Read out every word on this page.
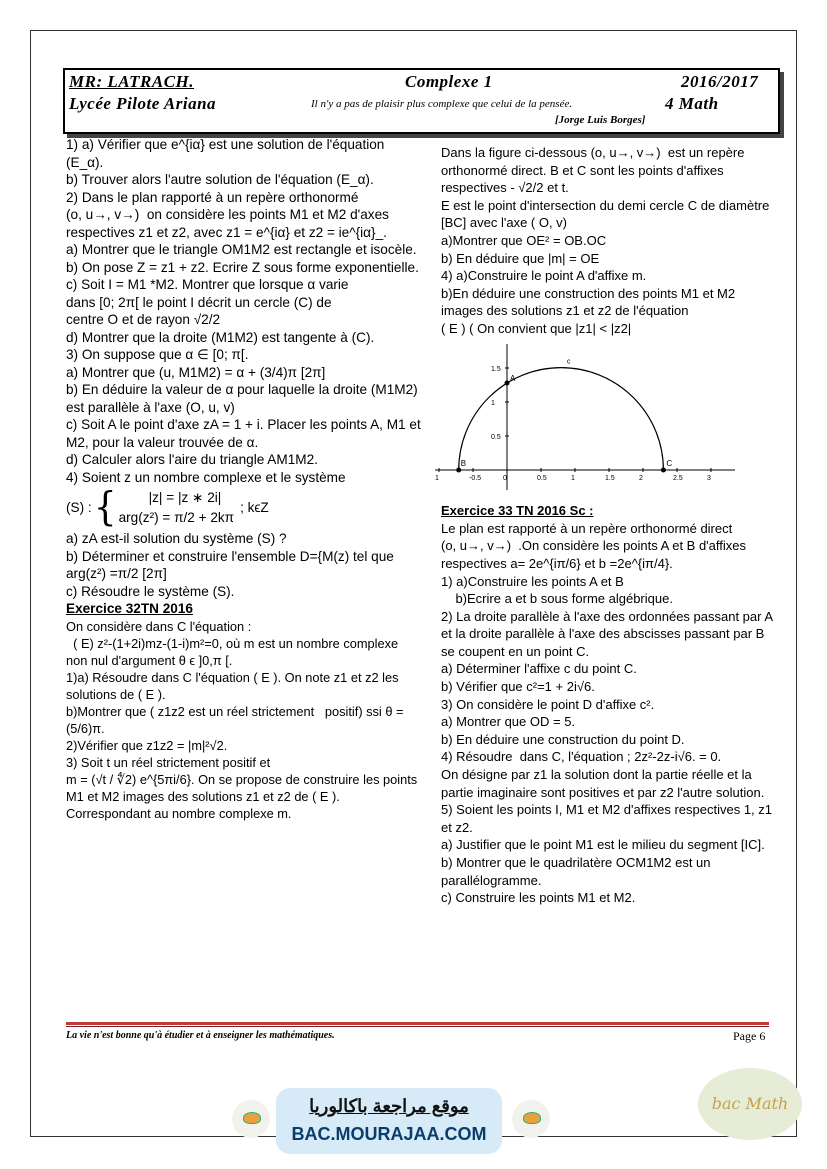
MR: LATRACH.
Lycée Pilote Ariana
Complexe 1
Il n'y a pas de plaisir plus complexe que celui de la pensée.
[Jorge Luis Borges]
2016/2017
4 Math

1) a) Vérifier que e^{iα} est une solution de l'équation

(E_α).

b) Trouver alors l'autre solution de l'équation (E_α).

2) Dans le plan rapporté à un repère orthonormé

(o, u→, v→)  on considère les points M1 et M2 d'axes

respectives z1 et z2, avec z1 = e^{iα} et z2 = ie^{iα}_.

a) Montrer que le triangle OM1M2 est rectangle et isocèle.

b) On pose Z = z1 + z2. Ecrire Z sous forme exponentielle.

c) Soit I = M1 *M2. Montrer que lorsque α varie

dans [0; 2π[ le point I décrit un cercle (C) de

centre O et de rayon √2/2

d) Montrer que la droite (M1M2) est tangente à (C).

3) On suppose que α ∈ [0; π[.

a) Montrer que (u, M1M2) = α + (3/4)π [2π]

b) En déduire la valeur de α pour laquelle la droite (M1M2) est parallèle à l'axe (O, u, v)

c) Soit A le point d'axe zA = 1 + i. Placer les points A, M1 et M2, pour la valeur trouvée de α.

d) Calculer alors l'aire du triangle AM1M2.

4) Soient z un nombre complexe et le système

(S) : {	|z| = |z ∗ 2i|
arg(z²) = π/2 + 2kπ
; kϵZ

a) zA est-il solution du système (S) ?

b) Déterminer et construire l'ensemble D={M(z) tel que arg(z²) =π/2 [2π]

c) Résoudre le système (S).

Exercice 32TN 2016

On considère dans C l'équation :

( E) z²-(1+2i)mz-(1-i)m²=0, où m est un nombre complexe non nul d'argument θ ϵ ]0,π [.

1)a) Résoudre dans C l'équation ( E ). On note z1 et z2 les solutions de ( E ).

b)Montrer que ( z1z2 est un réel strictement   positif) ssi θ = (5/6)π.

2)Vérifier que z1z2 = |m|²√2.

3) Soit t un réel strictement positif et

m = (√t / ∜2) e^{5πi/6}. On se propose de construire les points M1 et M2 images des solutions z1 et z2 de ( E ).

Correspondant au nombre complexe m.

Dans la figure ci-dessous (o, u→, v→)  est un repère orthonormé direct. B et C sont les points d'affixes

respectives - √2/2 et t.

E est le point d'intersection du demi cercle C de diamètre [BC] avec l'axe ( O, v)

a)Montrer que OE² = OB.OC

b) En déduire que |m| = OE

4) a)Construire le point A d'affixe m.

b)En déduire une construction des points M1 et M2 images des solutions z1 et z2 de l'équation

( E ) ( On convient que |z1| < |z2|

1	-0.5	0	0.5	1	1.5	2	2.5	3
1.5
1
0.5
B	C
A
c

Exercice 33 TN 2016 Sc :

Le plan est rapporté à un repère orthonormé direct

(o, u→, v→)  .On considère les points A et B d'affixes

respectives a= 2e^{iπ/6} et b =2e^{iπ/4}.

1) a)Construire les points A et B

b)Ecrire a et b sous forme algébrique.

2) La droite parallèle à l'axe des ordonnées passant par A et la droite parallèle à l'axe des abscisses passant par B se coupent en un point C.

a) Déterminer l'affixe c du point C.

b) Vérifier que c²=1 + 2i√6.

3) On considère le point D d'affixe c².

a) Montrer que OD = 5.

b) En déduire une construction du point D.

4) Résoudre  dans C, l'équation ; 2z²-2z-i√6. = 0.

On désigne par z1 la solution dont la partie réelle et la partie imaginaire sont positives et par z2 l'autre solution.

5) Soient les points I, M1 et M2 d'affixes respectives 1, z1 et z2.

a) Justifier que le point M1 est le milieu du segment [IC].

b) Montrer que le quadrilatère OCM1M2 est un parallélogramme.

c) Construire les points M1 et M2.

La vie n'est bonne qu'à étudier et à enseigner les mathématiques.	Page 6
موقع مراجعة باكالوريا
BAC.MOURAJAA.COM
bac Math
